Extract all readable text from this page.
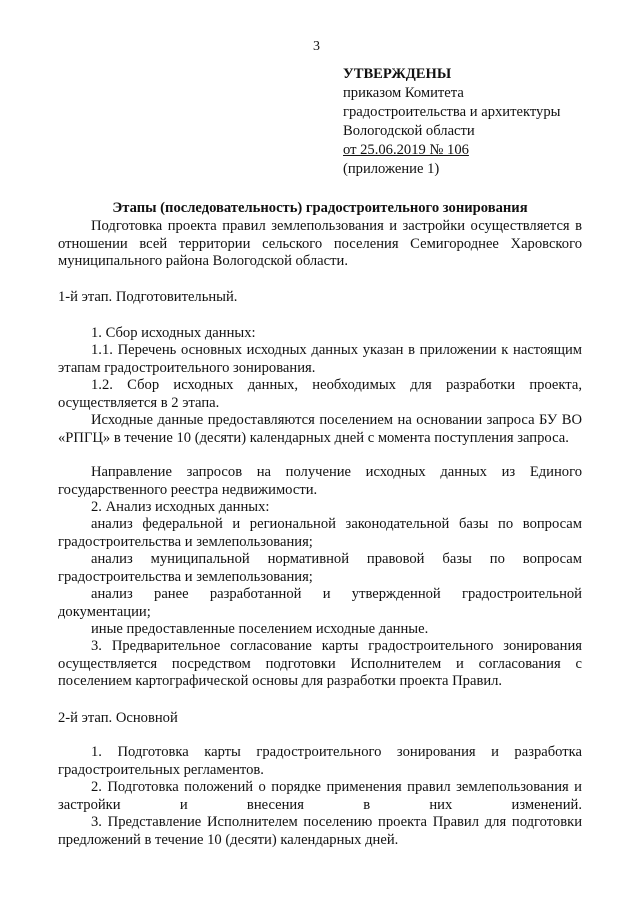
3
УТВЕРЖДЕНЫ
приказом Комитета
градостроительства и архитектуры
Вологодской области
от 25.06.2019 № 106
(приложение 1)
Этапы (последовательность) градостроительного зонирования
Подготовка проекта правил землепользования и застройки осуществляется в отношении всей территории сельского поселения Семигороднее Харовского муниципального района Вологодской области.
1-й этап. Подготовительный.
1. Сбор исходных данных:
1.1. Перечень основных исходных данных указан в приложении к настоящим этапам градостроительного зонирования.
1.2. Сбор исходных данных, необходимых для разработки проекта, осуществляется в 2 этапа.
Исходные данные предоставляются поселением на основании запроса БУ ВО «РПГЦ» в течение 10 (десяти) календарных дней с момента поступления запроса.
Направление запросов на получение исходных данных из Единого государственного реестра недвижимости.
2. Анализ исходных данных:
анализ федеральной и региональной законодательной базы по вопросам градостроительства и землепользования;
анализ муниципальной нормативной правовой базы по вопросам градостроительства и землепользования;
анализ ранее разработанной и утвержденной градостроительной документации;
иные предоставленные поселением исходные данные.
3. Предварительное согласование карты градостроительного зонирования осуществляется посредством подготовки Исполнителем и согласования с поселением картографической основы для разработки проекта Правил.
2-й этап. Основной
1. Подготовка карты градостроительного зонирования и разработка градостроительных регламентов.
2. Подготовка положений о порядке применения правил землепользования и застройки и внесения в них изменений.
3. Представление Исполнителем поселению проекта Правил для подготовки предложений в течение 10 (десяти) календарных дней.
